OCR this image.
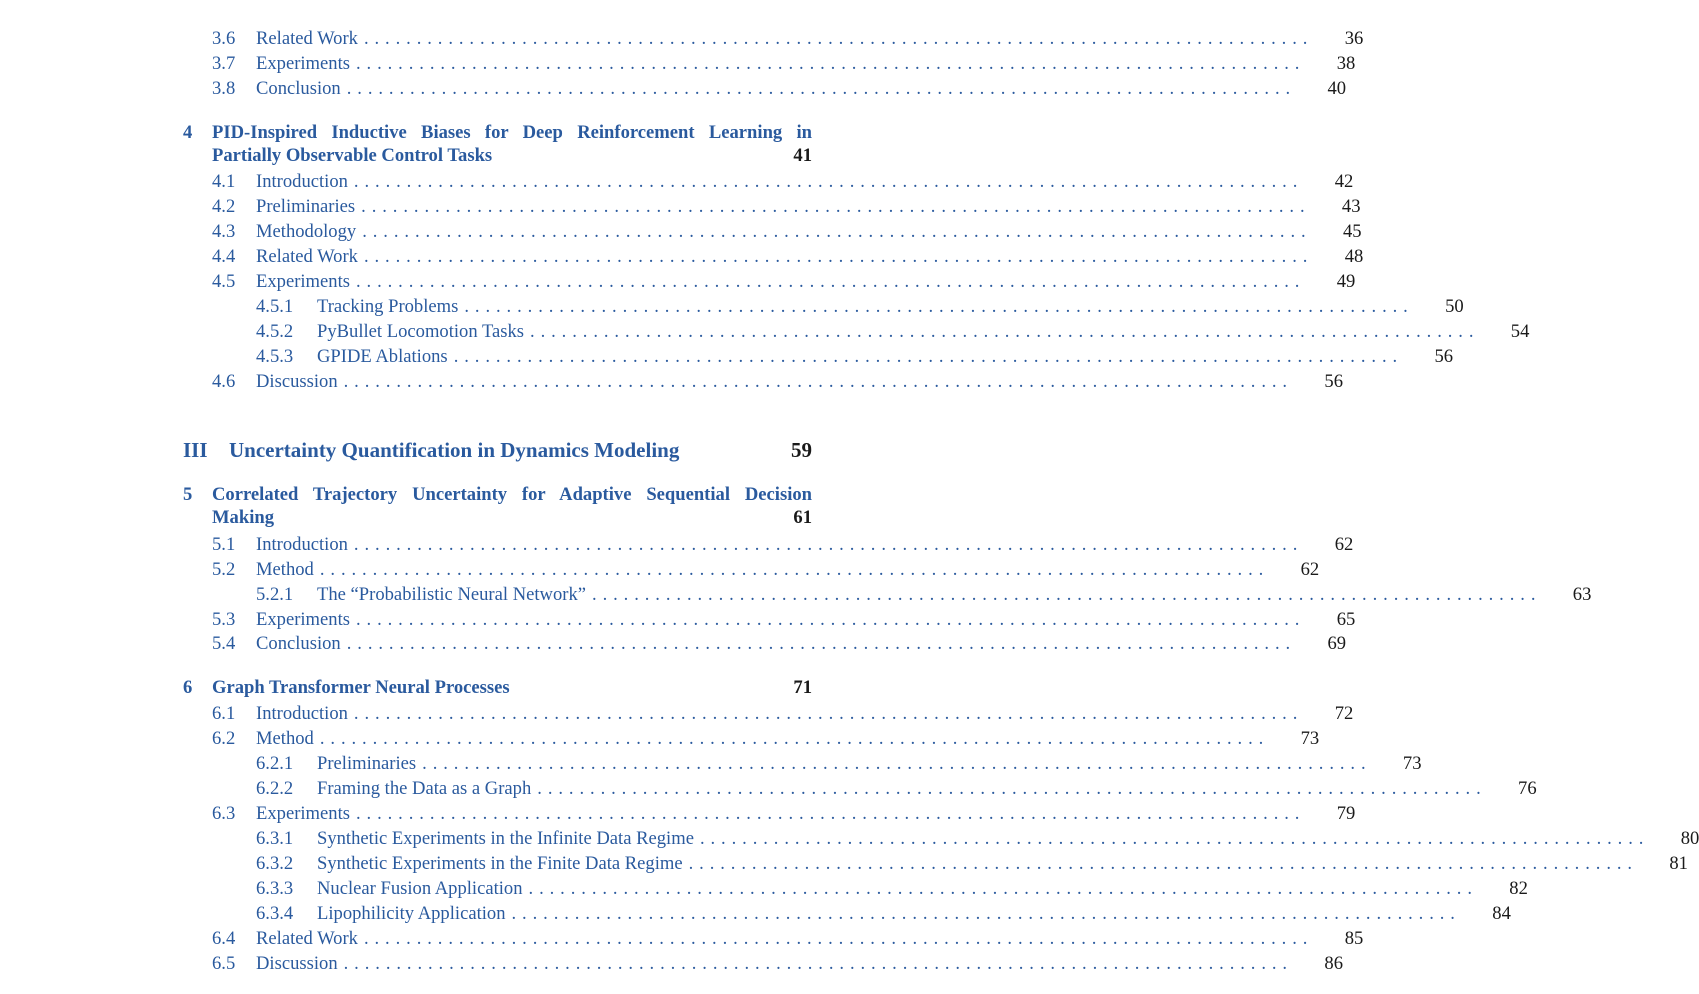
3.6	Related Work ..........................................................................................	36
3.7	Experiments ..........................................................................................	38
3.8	Conclusion ..........................................................................................	40
4 PID-Inspired Inductive Biases for Deep Reinforcement Learning in
Partially Observable Control Tasks	41
4.1	Introduction ..........................................................................................	42
4.2	Preliminaries ..........................................................................................	43
4.3	Methodology ..........................................................................................	45
4.4	Related Work ..........................................................................................	48
4.5	Experiments ..........................................................................................	49
4.5.1	Tracking Problems ..........................................................................................	50
4.5.2	PyBullet Locomotion Tasks ..........................................................................................	54
4.5.3	GPIDE Ablations ..........................................................................................	56
4.6	Discussion ..........................................................................................	56
III Uncertainty Quantification in Dynamics Modeling	59
5 Correlated Trajectory Uncertainty for Adaptive Sequential Decision
Making	61
5.1	Introduction ..........................................................................................	62
5.2	Method ..........................................................................................	62
5.2.1	The “Probabilistic Neural Network” ..........................................................................................	63
5.3	Experiments ..........................................................................................	65
5.4	Conclusion ..........................................................................................	69
6 Graph Transformer Neural Processes	71
6.1	Introduction ..........................................................................................	72
6.2	Method ..........................................................................................	73
6.2.1	Preliminaries ..........................................................................................	73
6.2.2	Framing the Data as a Graph ..........................................................................................	76
6.3	Experiments ..........................................................................................	79
6.3.1	Synthetic Experiments in the Infinite Data Regime ..........................................................................................	80
6.3.2	Synthetic Experiments in the Finite Data Regime ..........................................................................................	81
6.3.3	Nuclear Fusion Application ..........................................................................................	82
6.3.4	Lipophilicity Application ..........................................................................................	84
6.4	Related Work ..........................................................................................	85
6.5	Discussion ..........................................................................................	86
